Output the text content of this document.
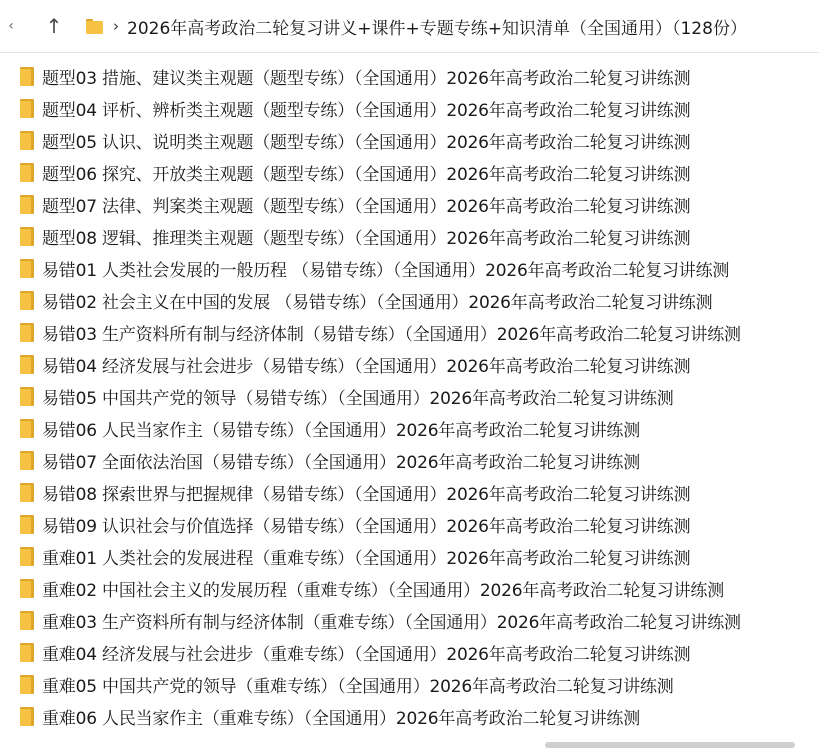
‹	↑	› 2026年高考政治二轮复习讲义+课件+专题专练+知识清单（全国通用）（128份）
题型03 措施、建议类主观题（题型专练）（全国通用）2026年高考政治二轮复习讲练测
题型04 评析、辨析类主观题（题型专练）（全国通用）2026年高考政治二轮复习讲练测
题型05 认识、说明类主观题（题型专练）（全国通用）2026年高考政治二轮复习讲练测
题型06 探究、开放类主观题（题型专练）（全国通用）2026年高考政治二轮复习讲练测
题型07 法律、判案类主观题（题型专练）（全国通用）2026年高考政治二轮复习讲练测
题型08 逻辑、推理类主观题（题型专练）（全国通用）2026年高考政治二轮复习讲练测
易错01 人类社会发展的一般历程 （易错专练）（全国通用）2026年高考政治二轮复习讲练测
易错02 社会主义在中国的发展 （易错专练）（全国通用）2026年高考政治二轮复习讲练测
易错03 生产资料所有制与经济体制（易错专练）（全国通用）2026年高考政治二轮复习讲练测
易错04 经济发展与社会进步（易错专练）（全国通用）2026年高考政治二轮复习讲练测
易错05 中国共产党的领导（易错专练）（全国通用）2026年高考政治二轮复习讲练测
易错06 人民当家作主（易错专练）（全国通用）2026年高考政治二轮复习讲练测
易错07 全面依法治国（易错专练）（全国通用）2026年高考政治二轮复习讲练测
易错08 探索世界与把握规律（易错专练）（全国通用）2026年高考政治二轮复习讲练测
易错09 认识社会与价值选择（易错专练）（全国通用）2026年高考政治二轮复习讲练测
重难01 人类社会的发展进程（重难专练）（全国通用）2026年高考政治二轮复习讲练测
重难02 中国社会主义的发展历程（重难专练）（全国通用）2026年高考政治二轮复习讲练测
重难03 生产资料所有制与经济体制（重难专练）（全国通用）2026年高考政治二轮复习讲练测
重难04 经济发展与社会进步（重难专练）（全国通用）2026年高考政治二轮复习讲练测
重难05 中国共产党的领导（重难专练）（全国通用）2026年高考政治二轮复习讲练测
重难06 人民当家作主（重难专练）（全国通用）2026年高考政治二轮复习讲练测
